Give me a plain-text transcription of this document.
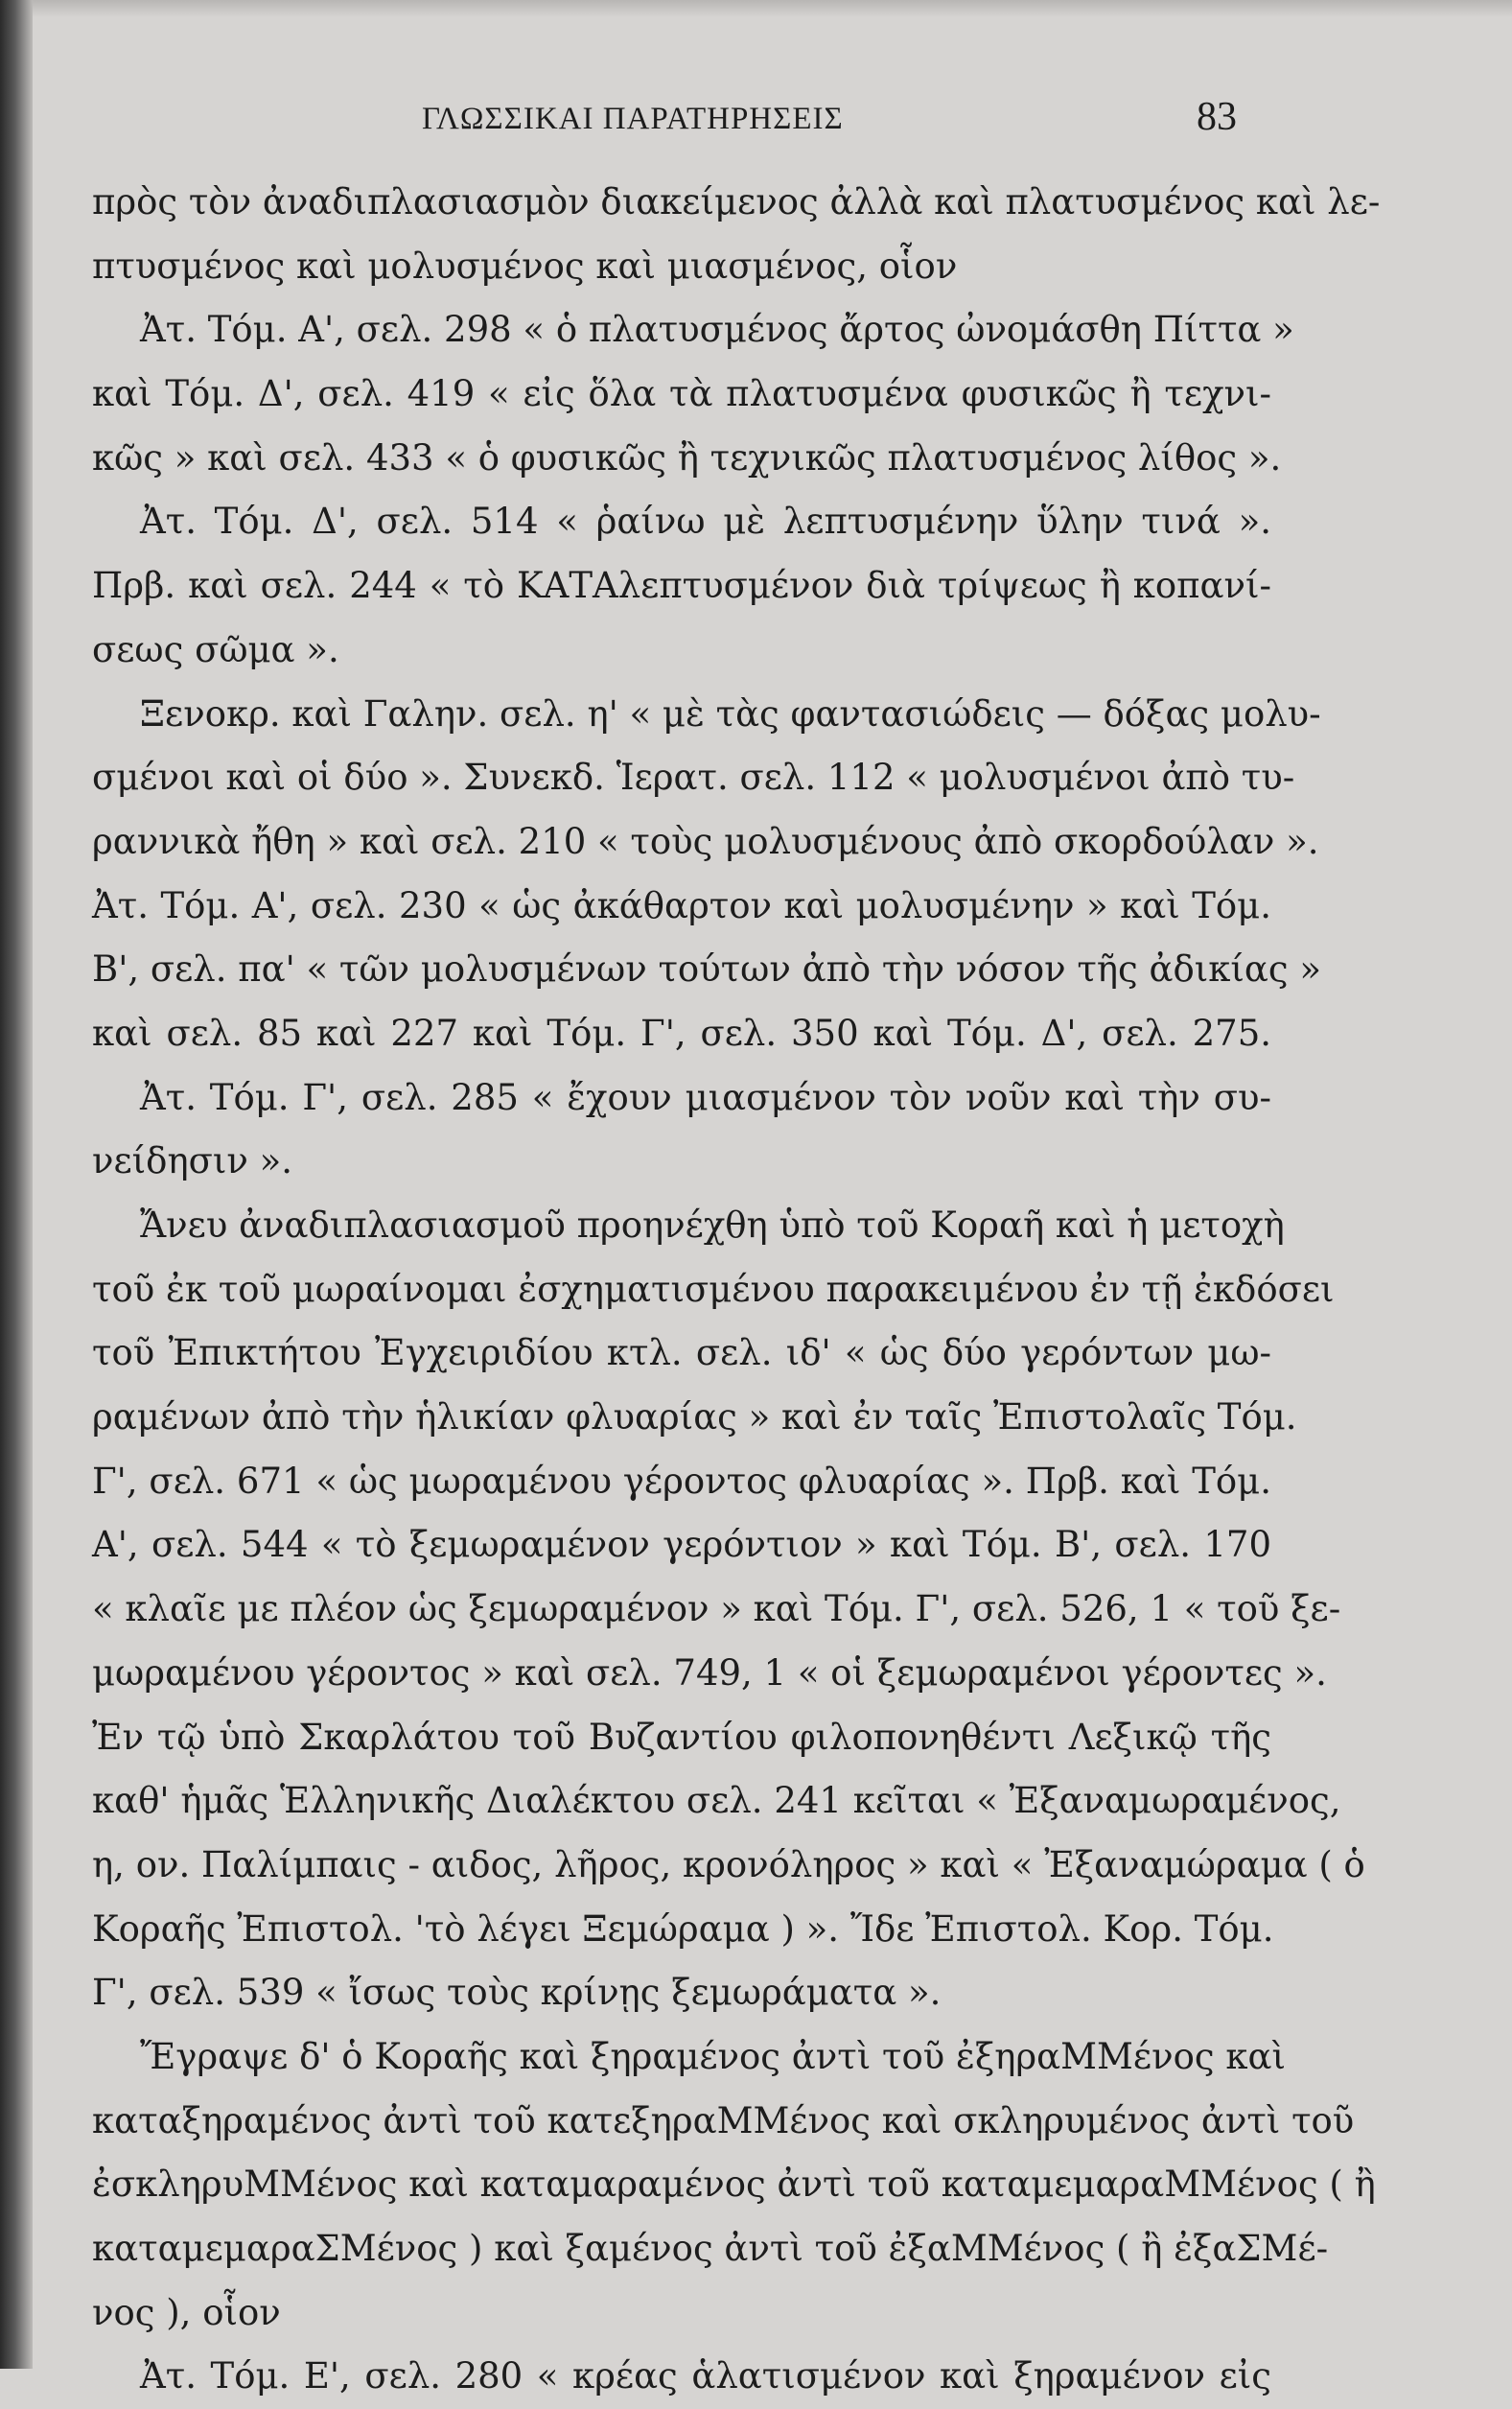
ΓΛΩΣΣΙΚΑΙ ΠΑΡΑΤΗΡΗΣΕΙΣ	83
πρὸς τὸν ἀναδιπλασιασμὸν διακείμενος ἀλλὰ καὶ πλατυσμένος καὶ λε-
πτυσμένος καὶ μολυσμένος καὶ μιασμένος, οἷον
Ἀτ. Τόμ. Α', σελ. 298 « ὁ πλατυσμένος ἄρτος ὠνομάσθη Πίττα »
καὶ Τόμ. Δ', σελ. 419 « εἰς ὅλα τὰ πλατυσμένα φυσικῶς ἢ τεχνι-
κῶς » καὶ σελ. 433 « ὁ φυσικῶς ἢ τεχνικῶς πλατυσμένος λίθος ».
Ἀτ. Τόμ. Δ', σελ. 514 « ῥαίνω μὲ λεπτυσμένην ὕλην τινά ».
Πρβ. καὶ σελ. 244 « τὸ ΚΑΤΑλεπτυσμένον διὰ τρίψεως ἢ κοπανί-
σεως σῶμα ».
Ξενοκρ. καὶ Γαλην. σελ. η' « μὲ τὰς φαντασιώδεις — δόξας μολυ-
σμένοι καὶ οἱ δύο ». Συνεκδ. Ἱερατ. σελ. 112 « μολυσμένοι ἀπὸ τυ-
ραννικὰ ἤθη » καὶ σελ. 210 « τοὺς μολυσμένους ἀπὸ σκορδούλαν ».
Ἀτ. Τόμ. Α', σελ. 230 « ὡς ἀκάθαρτον καὶ μολυσμένην » καὶ Τόμ.
Β', σελ. πα' « τῶν μολυσμένων τούτων ἀπὸ τὴν νόσον τῆς ἀδικίας »
καὶ σελ. 85 καὶ 227 καὶ Τόμ. Γ', σελ. 350 καὶ Τόμ. Δ', σελ. 275.
Ἀτ. Τόμ. Γ', σελ. 285 « ἔχουν μιασμένον τὸν νοῦν καὶ τὴν συ-
νείδησιν ».
Ἄνευ ἀναδιπλασιασμοῦ προηνέχθη ὑπὸ τοῦ Κοραῆ καὶ ἡ μετοχὴ
τοῦ ἐκ τοῦ μωραίνομαι ἐσχηματισμένου παρακειμένου ἐν τῇ ἐκδόσει
τοῦ Ἐπικτήτου Ἐγχειριδίου κτλ. σελ. ιδ' « ὡς δύο γερόντων μω-
ραμένων ἀπὸ τὴν ἡλικίαν φλυαρίας » καὶ ἐν ταῖς Ἐπιστολαῖς Τόμ.
Γ', σελ. 671 « ὡς μωραμένου γέροντος φλυαρίας ». Πρβ. καὶ Τόμ.
Α', σελ. 544 « τὸ ξεμωραμένον γερόντιον » καὶ Τόμ. Β', σελ. 170
« κλαῖε με πλέον ὡς ξεμωραμένον » καὶ Τόμ. Γ', σελ. 526, 1 « τοῦ ξε-
μωραμένου γέροντος » καὶ σελ. 749, 1 « οἱ ξεμωραμένοι γέροντες ».
Ἐν τῷ ὑπὸ Σκαρλάτου τοῦ Βυζαντίου φιλοπονηθέντι Λεξικῷ τῆς
καθ' ἡμᾶς Ἑλληνικῆς Διαλέκτου σελ. 241 κεῖται « Ἐξαναμωραμένος,
η, ον. Παλίμπαις - αιδος, λῆρος, κρονόληρος » καὶ « Ἐξαναμώραμα ( ὁ
Κοραῆς Ἐπιστολ. 'τὸ λέγει Ξεμώραμα ) ». Ἴδε Ἐπιστολ. Κορ. Τόμ.
Γ', σελ. 539 « ἴσως τοὺς κρίνῃς ξεμωράματα ».
Ἔγραψε δ' ὁ Κοραῆς καὶ ξηραμένος ἀντὶ τοῦ ἐξηραΜΜένος καὶ
καταξηραμένος ἀντὶ τοῦ κατεξηραΜΜένος καὶ σκληρυμένος ἀντὶ τοῦ
ἐσκληρυΜΜένος καὶ καταμαραμένος ἀντὶ τοῦ καταμεμαραΜΜένος ( ἢ
καταμεμαραΣΜένος ) καὶ ξαμένος ἀντὶ τοῦ ἐξαΜΜένος ( ἢ ἐξαΣΜέ-
νος ), οἷον
Ἀτ. Τόμ. Ε', σελ. 280 « κρέας ἁλατισμένον καὶ ξηραμένον εἰς
